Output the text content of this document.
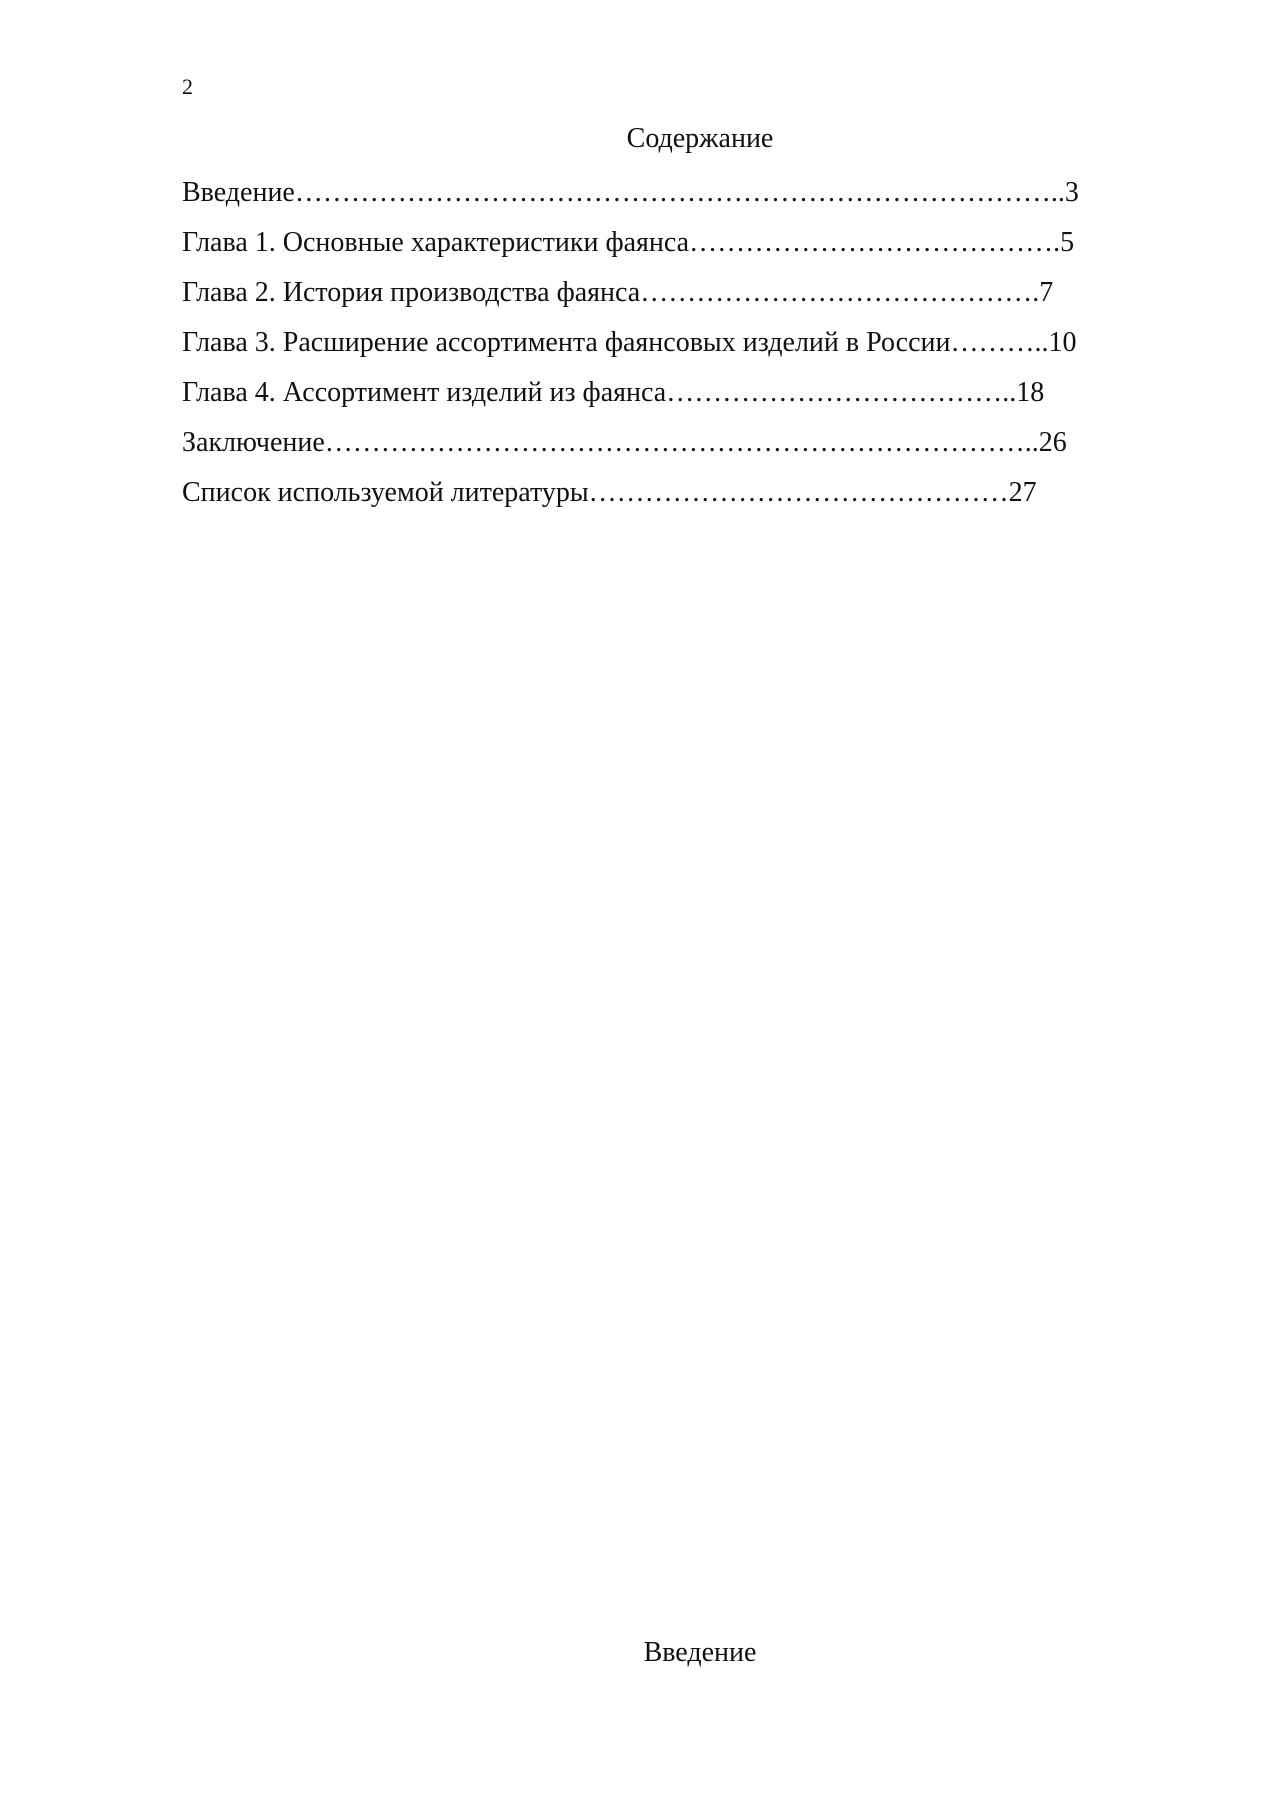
2
Содержание
Введение………………………………………………………………………..3
Глава 1. Основные характеристики фаянса………………………………….5
Глава 2. История производства фаянса…………………………………….7
Глава 3. Расширение ассортимента фаянсовых изделий в России………..10
Глава 4. Ассортимент изделий из фаянса………………………………..18
Заключение…………………………………………………………………..26
Список используемой литературы………………………………………27
Введение
